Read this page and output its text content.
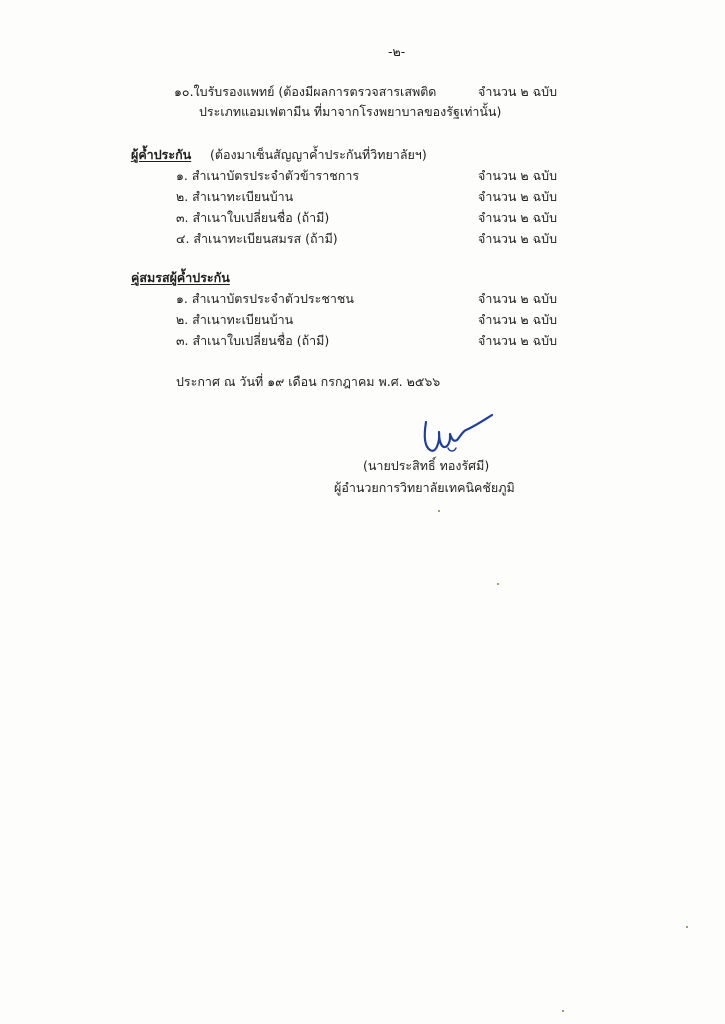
-๒-
๑๐.ใบรับรองแพทย์ (ต้องมีผลการตรวจสารเสพติด	จำนวน ๒ ฉบับ
ประเภทแอมเฟตามีน ที่มาจากโรงพยาบาลของรัฐเท่านั้น)
ผู้ค้ำประกัน (ต้องมาเซ็นสัญญาค้ำประกันที่วิทยาลัยฯ)
๑. สำเนาบัตรประจำตัวข้าราชการ	จำนวน ๒ ฉบับ
๒. สำเนาทะเบียนบ้าน	จำนวน ๒ ฉบับ
๓. สำเนาใบเปลี่ยนชื่อ (ถ้ามี)	จำนวน ๒ ฉบับ
๔. สำเนาทะเบียนสมรส (ถ้ามี)	จำนวน ๒ ฉบับ
คู่สมรสผู้ค้ำประกัน
๑. สำเนาบัตรประจำตัวประชาชน	จำนวน ๒ ฉบับ
๒. สำเนาทะเบียนบ้าน	จำนวน ๒ ฉบับ
๓. สำเนาใบเปลี่ยนชื่อ (ถ้ามี)	จำนวน ๒ ฉบับ
ประกาศ ณ วันที่ ๑๙ เดือน กรกฎาคม พ.ศ. ๒๕๖๖
(นายประสิทธิ์ ทองรัศมี)
ผู้อำนวยการวิทยาลัยเทคนิคชัยภูมิ
